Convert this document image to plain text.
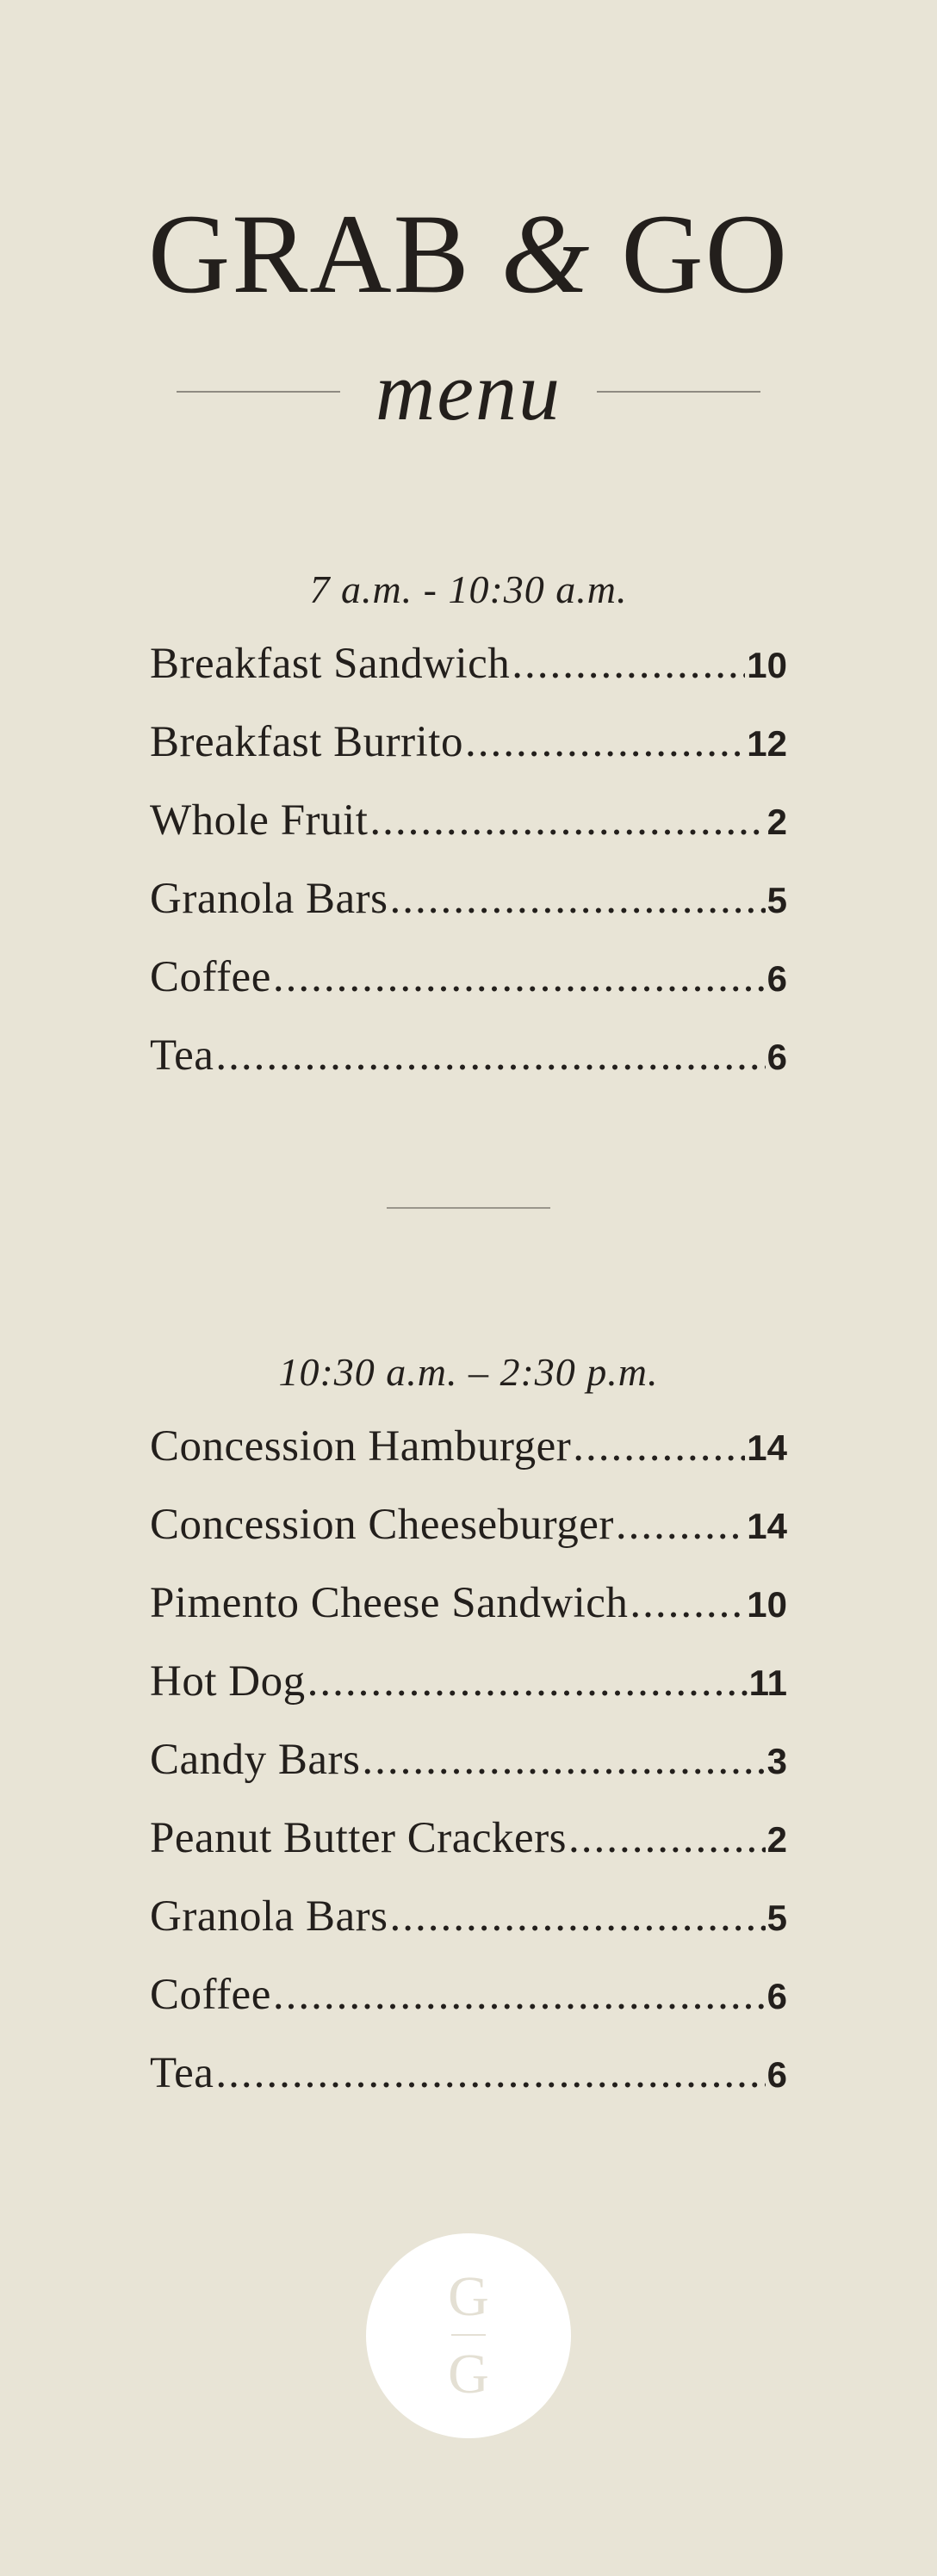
GRAB & GO
menu
7 a.m. - 10:30 a.m.
Breakfast Sandwich .....	10
Breakfast Burrito .....	12
Whole Fruit .....	2
Granola Bars .....	5
Coffee .....	6
Tea .....	6
10:30 a.m. – 2:30 p.m.
Concession Hamburger .....	14
Concession Cheeseburger .....	14
Pimento Cheese Sandwich .....	10
Hot Dog .....	11
Candy Bars .....	3
Peanut Butter Crackers .....	2
Granola Bars .....	5
Coffee .....	6
Tea .....	6
G
G
